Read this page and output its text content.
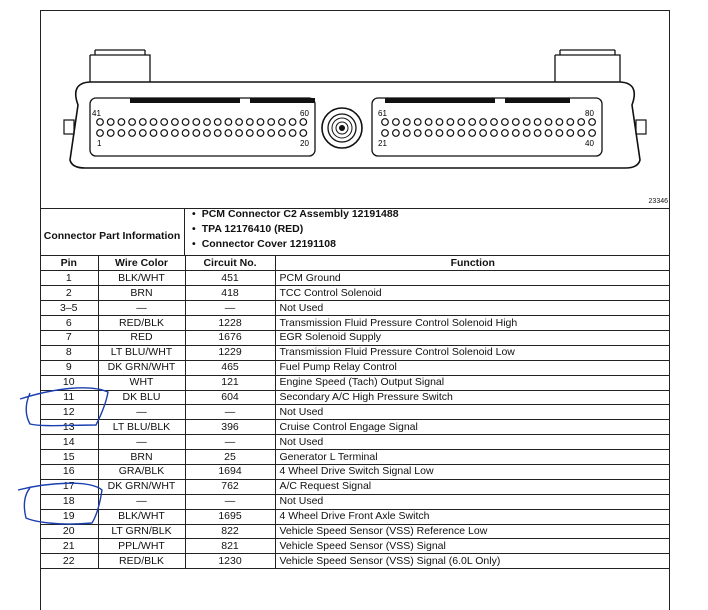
41	60
1	20
61	80
21	40
23346
Connector Part Information
• PCM Connector C2 Assembly 12191488
• TPA 12176410 (RED)
• Connector Cover 12191108
Pin	Wire Color	Circuit No.	Function
1	BLK/WHT	451	PCM Ground
2	BRN	418	TCC Control Solenoid
3–5	—	—	Not Used
6	RED/BLK	1228	Transmission Fluid Pressure Control Solenoid High
7	RED	1676	EGR Solenoid Supply
8	LT BLU/WHT	1229	Transmission Fluid Pressure Control Solenoid Low
9	DK GRN/WHT	465	Fuel Pump Relay Control
10	WHT	121	Engine Speed (Tach) Output Signal
11	DK BLU	604	Secondary A/C High Pressure Switch
12	—	—	Not Used
13	LT BLU/BLK	396	Cruise Control Engage Signal
14	—	—	Not Used
15	BRN	25	Generator L Terminal
16	GRA/BLK	1694	4 Wheel Drive Switch Signal Low
17	DK GRN/WHT	762	A/C Request Signal
18	—	—	Not Used
19	BLK/WHT	1695	4 Wheel Drive Front Axle Switch
20	LT GRN/BLK	822	Vehicle Speed Sensor (VSS) Reference Low
21	PPL/WHT	821	Vehicle Speed Sensor (VSS) Signal
22	RED/BLK	1230	Vehicle Speed Sensor (VSS) Signal (6.0L Only)
